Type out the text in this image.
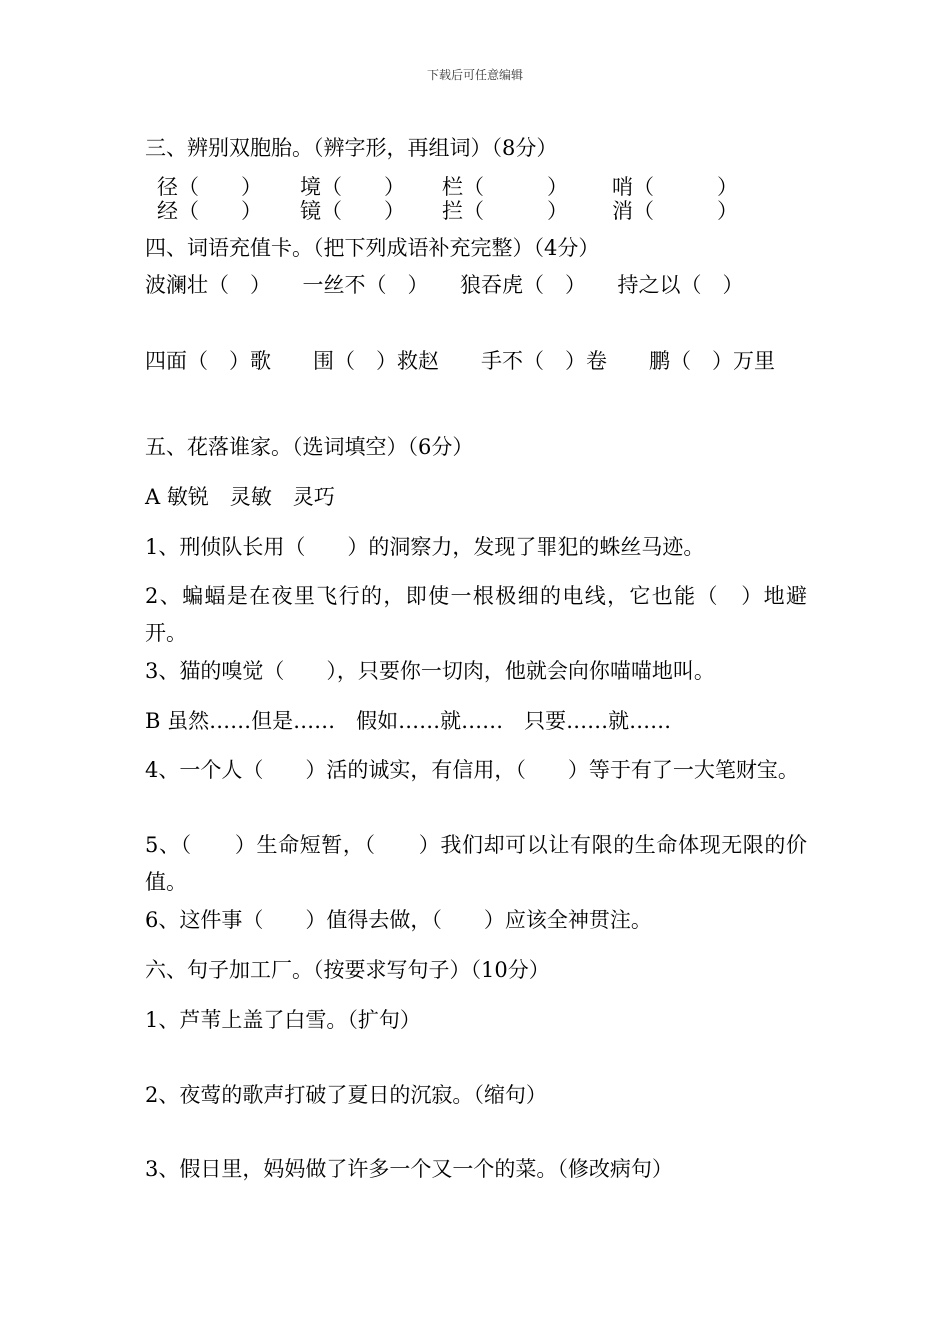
下载后可任意编辑
三、辨别双胞胎。（辨字形，再组词）（8分）
径（　　） 境（　　） 栏（　　　） 哨（　　　）
经（　　） 镜（　　） 拦（　　　） 消（　　　）
四、词语充值卡。（把下列成语补充完整）（4分）
波澜壮（　）　　一丝不（　）　　狼吞虎（　）　　持之以（　）
四面（　）歌　　围（　）救赵　　手不（　）卷　　鹏（　）万里
五、花落谁家。（选词填空）（6分）
A 敏锐　灵敏　灵巧
1、刑侦队长用（　　）的洞察力，发现了罪犯的蛛丝马迹。
2、蝙蝠是在夜里飞行的，即使一根极细的电线，它也能（　）地避开。
3、猫的嗅觉（　　），只要你一切肉，他就会向你喵喵地叫。
B 虽然……但是……　假如……就……　只要……就……
4、一个人（　　）活的诚实，有信用，（　　）等于有了一大笔财宝。
5、（　　）生命短暂，（　　）我们却可以让有限的生命体现无限的价值。
6、这件事（　　）值得去做，（　　）应该全神贯注。
六、句子加工厂。（按要求写句子）（10分）
1、芦苇上盖了白雪。（扩句）
2、夜莺的歌声打破了夏日的沉寂。（缩句）
3、假日里，妈妈做了许多一个又一个的菜。（修改病句）
